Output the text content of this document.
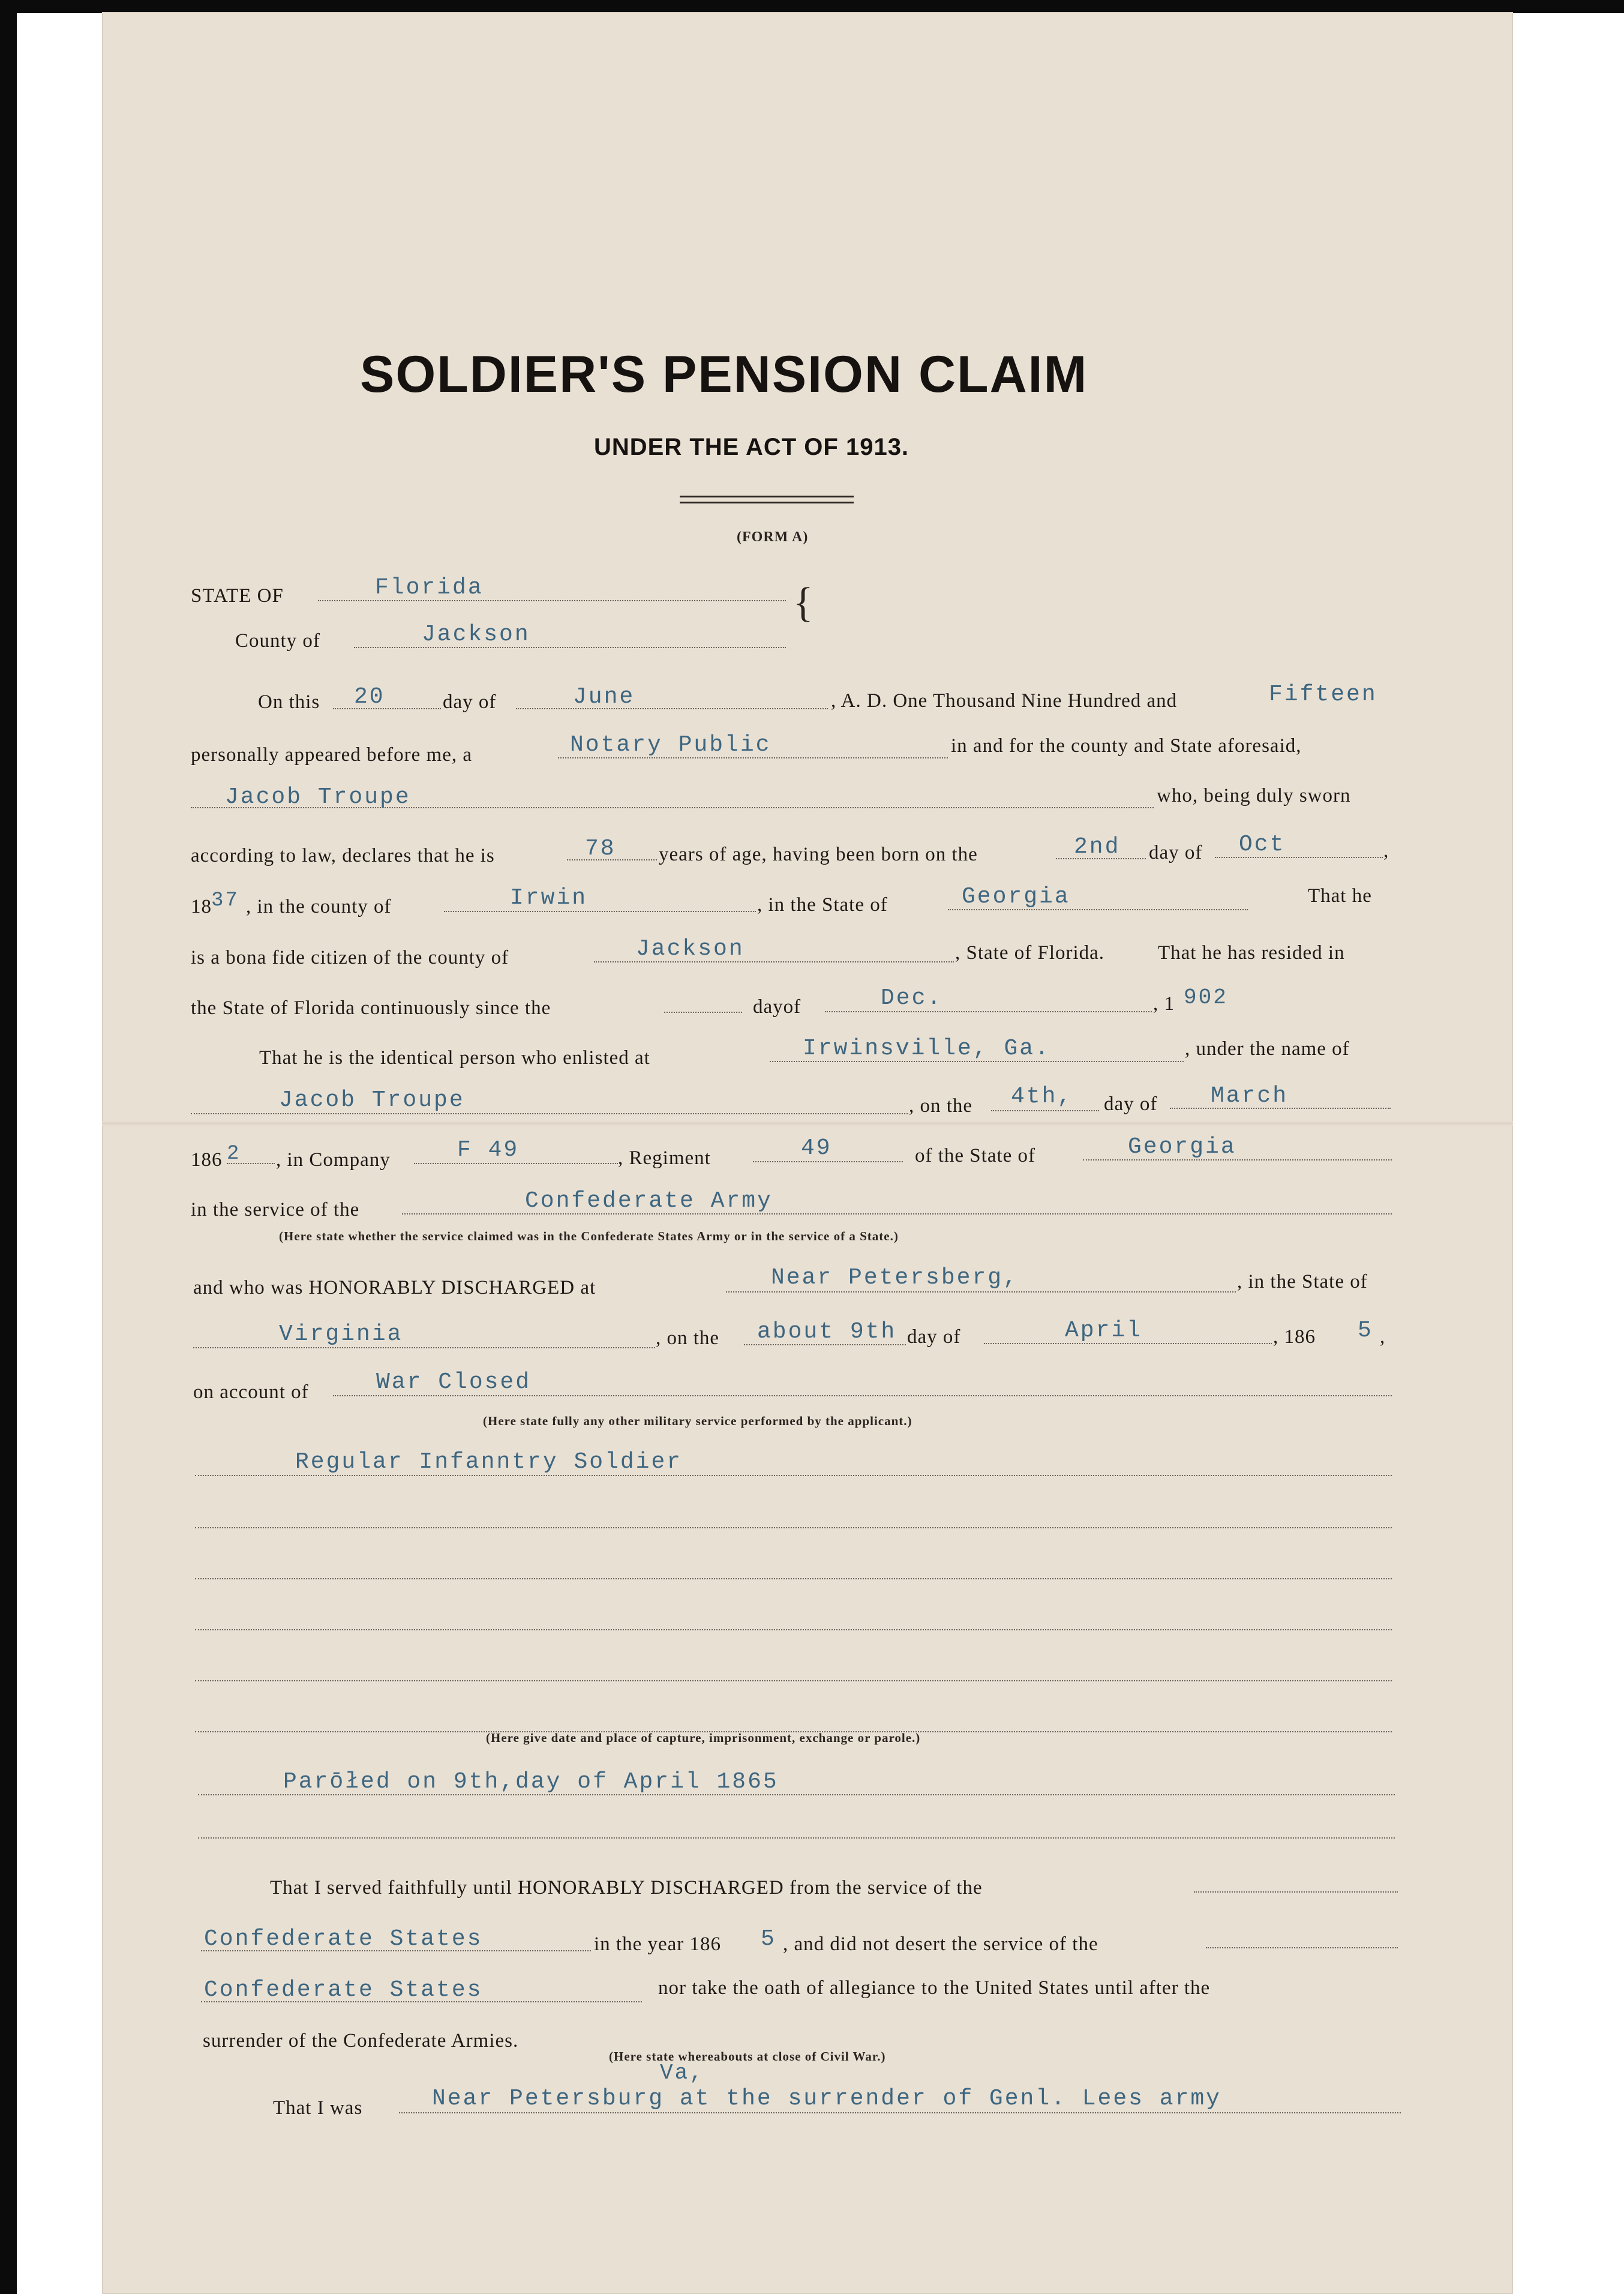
SOLDIER'S PENSION CLAIM
UNDER THE ACT OF 1913.
(FORM A)
STATE OF	Florida	{
County of	Jackson
On this 20	day of	June	, A. D. One Thousand Nine Hundred and	Fifteen
personally appeared before me, a	Notary Public	in and for the county and State aforesaid,
Jacob Troupe	who, being duly sworn
according to law, declares that he is	78 years of age, having been born on the	2nd day of Oct	,
18 37 , in the county of	Irwin	, in the State of	Georgia	That he
is a bona fide citizen of the county of	Jackson	, State of Florida.	That he has resided in
the State of Florida continuously since the	dayof	Dec.	, 1 902
That he is the identical person who enlisted at	Irwinsville, Ga.	, under the name of
Jacob Troupe	, on the 4th, day of March
186 2 , in Company	F 49	, Regiment	49	of the State of	Georgia
in the service of the	Confederate Army
(Here state whether the service claimed was in the Confederate States Army or in the service of a State.)
and who was HONORABLY DISCHARGED at	Near Petersberg,	, in the State of
Virginia	, on the about 9th day of	April	, 186 5 ,
on account of	War Closed
(Here state fully any other military service performed by the applicant.)
Regular Infanntry Soldier
(Here give date and place of capture, imprisonment, exchange or parole.)
Parōłed on 9th,day of April 1865
That I served faithfully until HONORABLY DISCHARGED from the service of the
Confederate States	in the year 186 5 , and did not desert the service of the
Confederate States	nor take the oath of allegiance to the United States until after the
surrender of the Confederate Armies.
(Here state whereabouts at close of Civil War.)
Va,
That I was	Near Petersburg at the surrender of Genl. Lees army
